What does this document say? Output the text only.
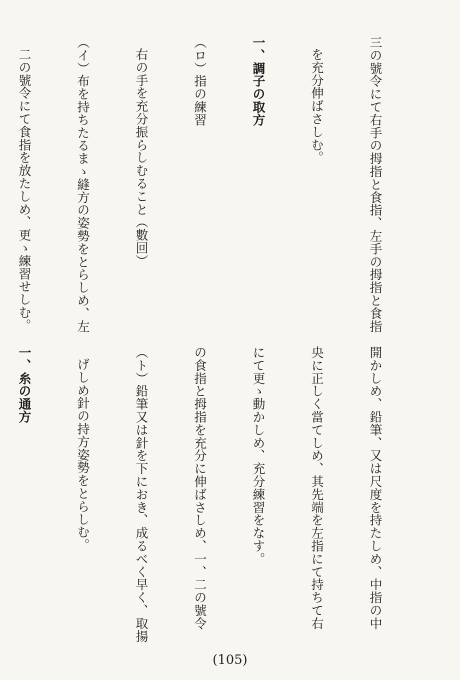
三の號令にて右手の拇指と食指、左手の拇指と食指

を充分伸ばさしむ。

一、調子の取方

（ロ）指の練習

右の手を充分振らしむること（數回）

（イ）布を持ちたるまゝ縫方の姿勢をとらしめ、左

二の號令にて食指を放たしめ、更ゝ練習せしむ。

開かしめ、鉛筆、又は尺度を持たしめ、中指の中

央に正しく當てしめ、其先端を左指にて持ちて右

にて更ゝ動かしめ、充分練習をなす。

の食指と拇指を充分に伸ばさしめ、一、二の號令

（ト）鉛筆又は針を下におき、成るべく早く、取揚

げしめ針の持方姿勢をとらしむ。

一、糸の通方

(105)
